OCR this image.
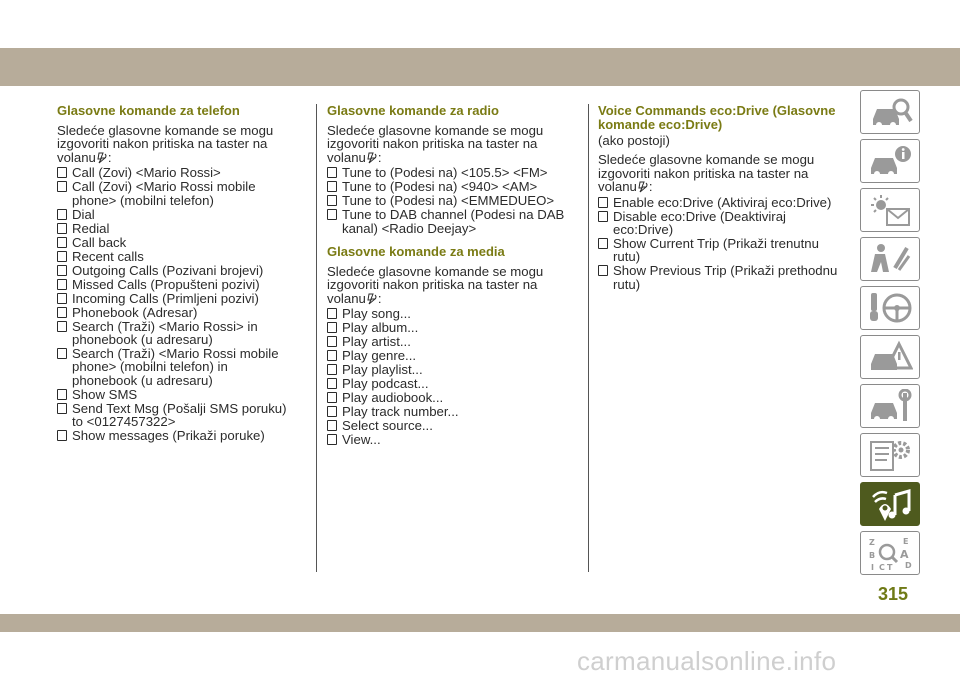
Glasovne komande za telefon

Sledeće glasovne komande se mogu izgovoriti nakon pritiska na taster na volanu :

Call (Zovi) <Mario Rossi>
Call (Zovi) <Mario Rossi mobile phone> (mobilni telefon)
Dial
Redial
Call back
Recent calls
Outgoing Calls (Pozivani brojevi)
Missed Calls (Propušteni pozivi)
Incoming Calls (Primljeni pozivi)
Phonebook (Adresar)
Search (Traži) <Mario Rossi> in phonebook (u adresaru)
Search (Traži) <Mario Rossi mobile phone> (mobilni telefon) in phonebook (u adresaru)
Show SMS
Send Text Msg (Pošalji SMS poruku) to <0127457322>
Show messages (Prikaži poruke)
Glasovne komande za radio

Sledeće glasovne komande se mogu izgovoriti nakon pritiska na taster na volanu :

Tune to (Podesi na) <105.5> <FM>
Tune to (Podesi na) <940> <AM>
Tune to (Podesi na) <EMMEDUEO>
Tune to DAB channel (Podesi na DAB kanal) <Radio Deejay>
Glasovne komande za media

Sledeće glasovne komande se mogu izgovoriti nakon pritiska na taster na volanu :

Play song...
Play album...
Play artist...
Play genre...
Play playlist...
Play podcast...
Play audiobook...
Play track number...
Select source...
View...
Voice Commands eco:Drive (Glasovne komande eco:Drive)

(ako postoji)

Sledeće glasovne komande se mogu izgovoriti nakon pritiska na taster na volanu :

Enable eco:Drive (Aktiviraj eco:Drive)
Disable eco:Drive (Deaktiviraj eco:Drive)
Show Current Trip (Prikaži trenutnu rutu)
Show Previous Trip (Prikaži prethodnu rutu)
Z	E
B A
I C T D
315
carmanualsonline.info
